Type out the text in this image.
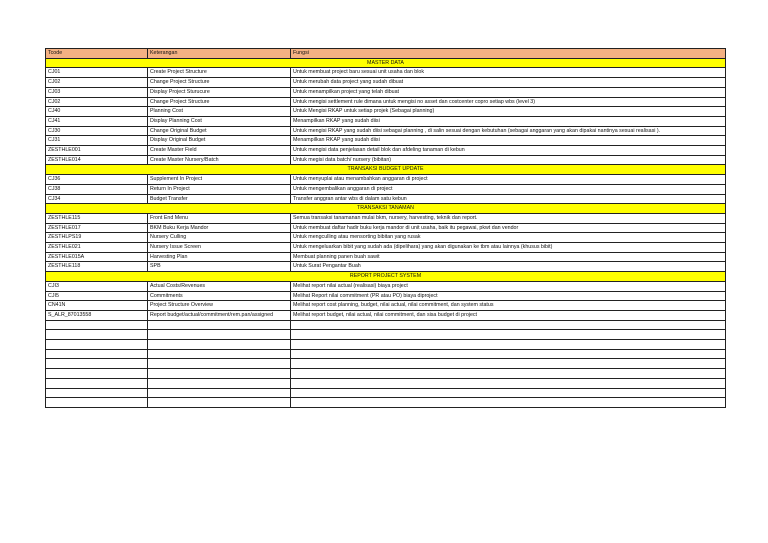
Tcode	Keterangan	Fungsi
MASTER DATA		
CJ01	Create Project Structure	Untuk membuat project baru sesuai unit usaha dan blok
CJ02	Change Project Structure	Untuk merubah data project yang sudah dibuat
CJ03	Display Project Sturucure	Untuk menampilkan project yang telah dibuat
CJ02	Change Project Structure	Untuk mengisi settlement rule dimana untuk mengisi no asset dan costcenter copro setiap wbs (level 3)
CJ40	Planning Cost	Untuk Mengisi RKAP untuk setiap projek (Sebagai planning)
CJ41	Display Planning Cost	Menampilkan RKAP yang sudah diisi
CJ30	Change Original Budget	Untuk mengisi RKAP yang sudah diisi sebagai planning , di salin sesuai dengan kebutuhan (sebagai anggaran yang akan dipakai nantinya sesuai realisasi ).
CJ31	Display Original Budget	Menampilkan RKAP yang sudah diisi
ZESTHLE001	Create Master Field	Untuk mengisi data penjelasan detail blok dan afdeling tanaman di kebun
ZESTHLE014	Create Master Nursery/Batch	Untuk megisi data batch/ nursery (bibitan)
TRANSAKSI BUDGET UPDATE		
CJ36	Supplement In Project	Untuk menyuplai atau menambahkan anggaran di project
CJ38	Return In Project	Untuk mengembalikan anggaran di project
CJ34	Budget Transfer	Transfer anggran antar wbs di dalam satu kebun
TRANSAKSI TANAMAN		
ZESTHLE115	Front End Menu	Semua transaksi tanamanan mulai bkm, nursery, harvesting, teknik dan report.
ZESTHLE017	BKM Buku Kerja Mandor	Untuk membuat daftar hadir buku kerja mandor di unit usaha, baik itu pegawai, pkwt dan vendor
ZESTHLPS19	Nursery Culling	Untuk mengculling atau mensorting bibitan yang rusak
ZESTHLE021	Nursery Issue Screen	Untuk mengeluarkan bibit yang sudah ada (dipelihara) yang akan digunakan ke tbm atau lainnya (khusus bibit)
ZESTHLE015A	Harvesting Plan	Membuat planning panen buah sawit
ZESTHLE118	SPB	Untuk Surat Pengantar Buah
REPORT PROJECT SYSTEM		
CJI3	Actual Costs/Revenues	Melihat report nilai actual (realisasi) biaya project
CJI5	Commitments	Melihat Report nilai commitment (PR atau PO) biaya diproject
CN41N	Project Structure Overview	Melihat report cost planning, budget, nilai actual, nilai commitment, dan system status
S_ALR_87013558	Report budget/actual/commitment/rem.pan/assigned	Melihat report budget, nilai actual, nilai commitment, dan sisa budget di project
